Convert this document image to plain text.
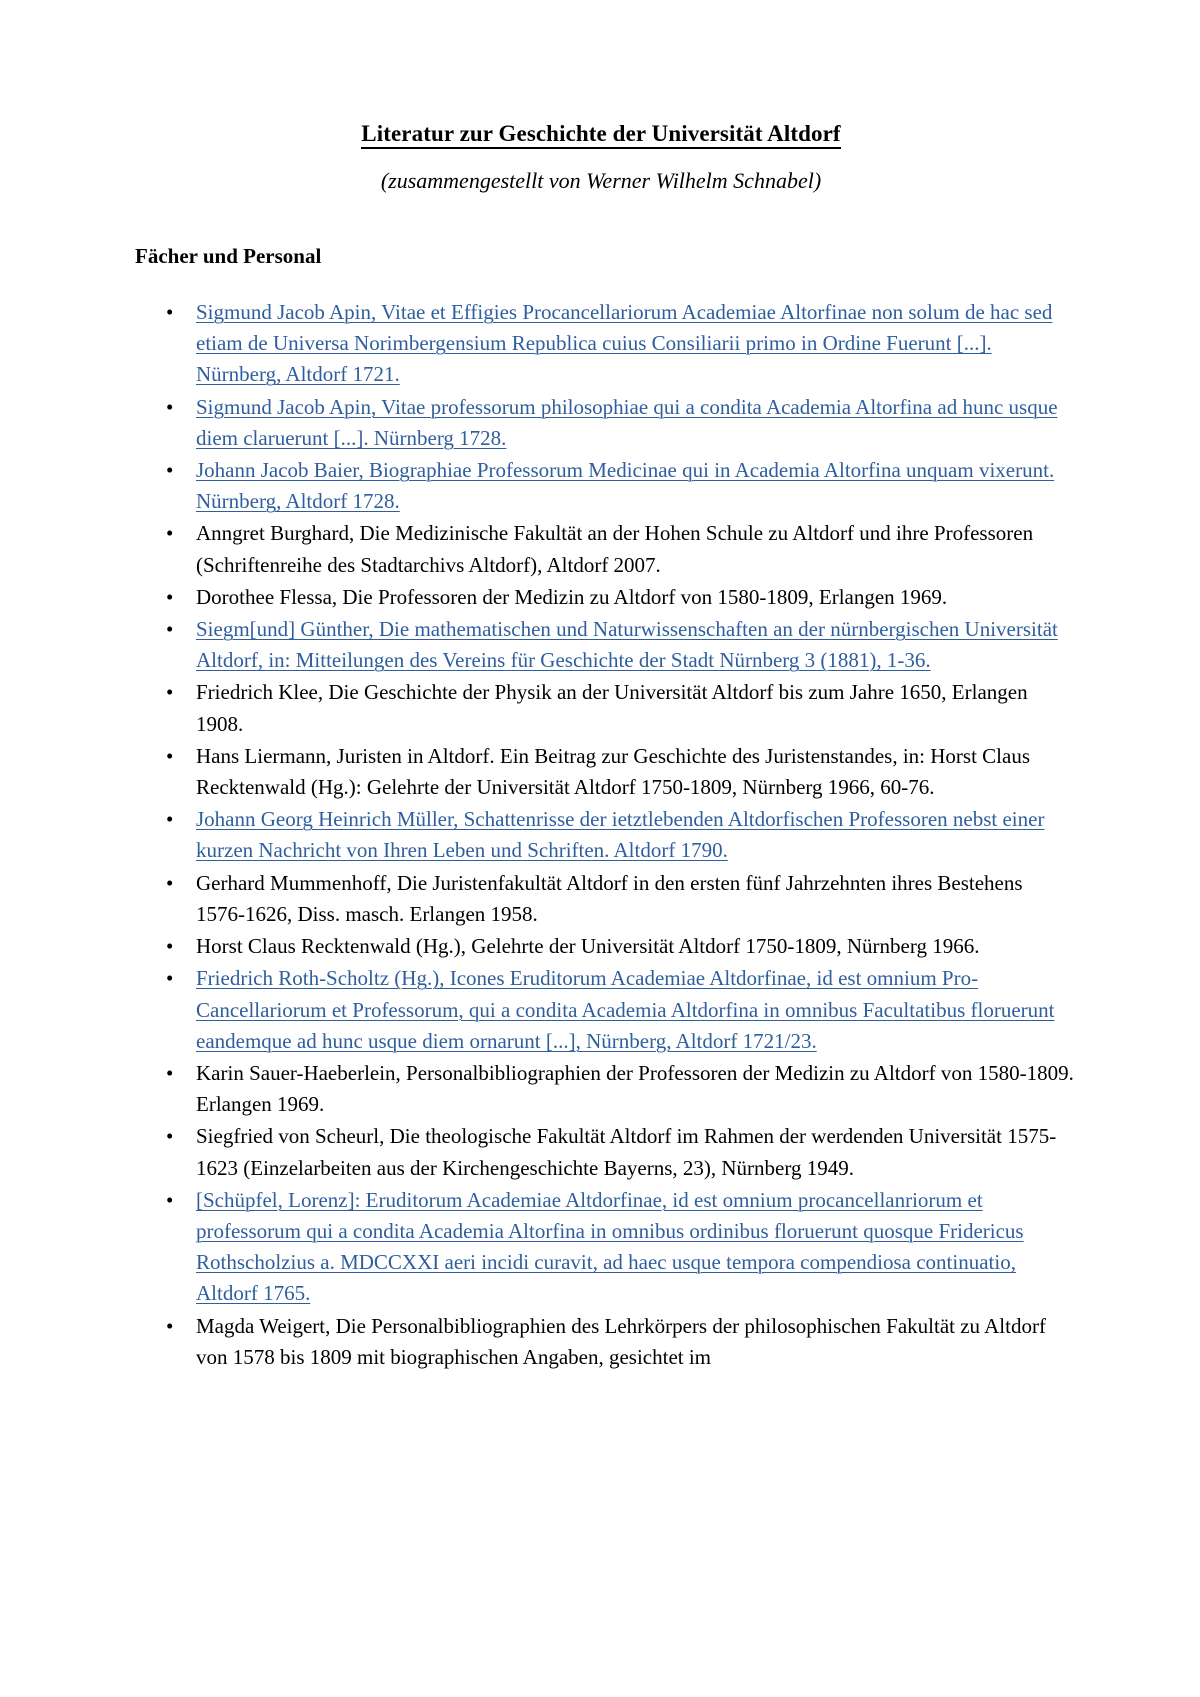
Literatur zur Geschichte der Universität Altdorf

(zusammengestellt von Werner Wilhelm Schnabel)

Fächer und Personal
• Sigmund Jacob Apin, Vitae et Effigies Procancellariorum Academiae Altorfinae non solum de hac sed etiam de Universa Norimbergensium Republica cuius Consiliarii primo in Ordine Fuerunt [...]. Nürnberg, Altdorf 1721.
• Sigmund Jacob Apin, Vitae professorum philosophiae qui a condita Academia Altorfina ad hunc usque diem claruerunt [...]. Nürnberg 1728.
• Johann Jacob Baier, Biographiae Professorum Medicinae qui in Academia Altorfina unquam vixerunt. Nürnberg, Altdorf 1728.
• Anngret Burghard, Die Medizinische Fakultät an der Hohen Schule zu Altdorf und ihre Professoren (Schriftenreihe des Stadtarchivs Altdorf), Altdorf 2007.
• Dorothee Flessa, Die Professoren der Medizin zu Altdorf von 1580-1809, Erlangen 1969.
• Siegm[und] Günther, Die mathematischen und Naturwissenschaften an der nürnbergischen Universität Altdorf, in: Mitteilungen des Vereins für Geschichte der Stadt Nürnberg 3 (1881), 1-36.
• Friedrich Klee, Die Geschichte der Physik an der Universität Altdorf bis zum Jahre 1650, Erlangen 1908.
• Hans Liermann, Juristen in Altdorf. Ein Beitrag zur Geschichte des Juristenstandes, in: Horst Claus Recktenwald (Hg.): Gelehrte der Universität Altdorf 1750-1809, Nürnberg 1966, 60-76.
• Johann Georg Heinrich Müller, Schattenrisse der ietztlebenden Altdorfischen Professoren nebst einer kurzen Nachricht von Ihren Leben und Schriften. Altdorf 1790.
• Gerhard Mummenhoff, Die Juristenfakultät Altdorf in den ersten fünf Jahrzehnten ihres Bestehens 1576-1626, Diss. masch. Erlangen 1958.
• Horst Claus Recktenwald (Hg.), Gelehrte der Universität Altdorf 1750-1809, Nürnberg 1966.
• Friedrich Roth-Scholtz (Hg.), Icones Eruditorum Academiae Altdorfinae, id est omnium Pro-Cancellariorum et Professorum, qui a condita Academia Altdorfina in omnibus Facultatibus floruerunt eandemque ad hunc usque diem ornarunt [...], Nürnberg, Altdorf 1721/23.
• Karin Sauer-Haeberlein, Personalbibliographien der Professoren der Medizin zu Altdorf von 1580-1809. Erlangen 1969.
• Siegfried von Scheurl, Die theologische Fakultät Altdorf im Rahmen der werdenden Universität 1575-1623 (Einzelarbeiten aus der Kirchengeschichte Bayerns, 23), Nürnberg 1949.
• [Schüpfel, Lorenz]: Eruditorum Academiae Altdorfinae, id est omnium procancellanriorum et professorum qui a condita Academia Altorfina in omnibus ordinibus floruerunt quosque Fridericus Rothscholzius a. MDCCXXI aeri incidi curavit, ad haec usque tempora compendiosa continuatio, Altdorf 1765.
• Magda Weigert, Die Personalbibliographien des Lehrkörpers der philosophischen Fakultät zu Altdorf von 1578 bis 1809 mit biographischen Angaben, gesichtet im
